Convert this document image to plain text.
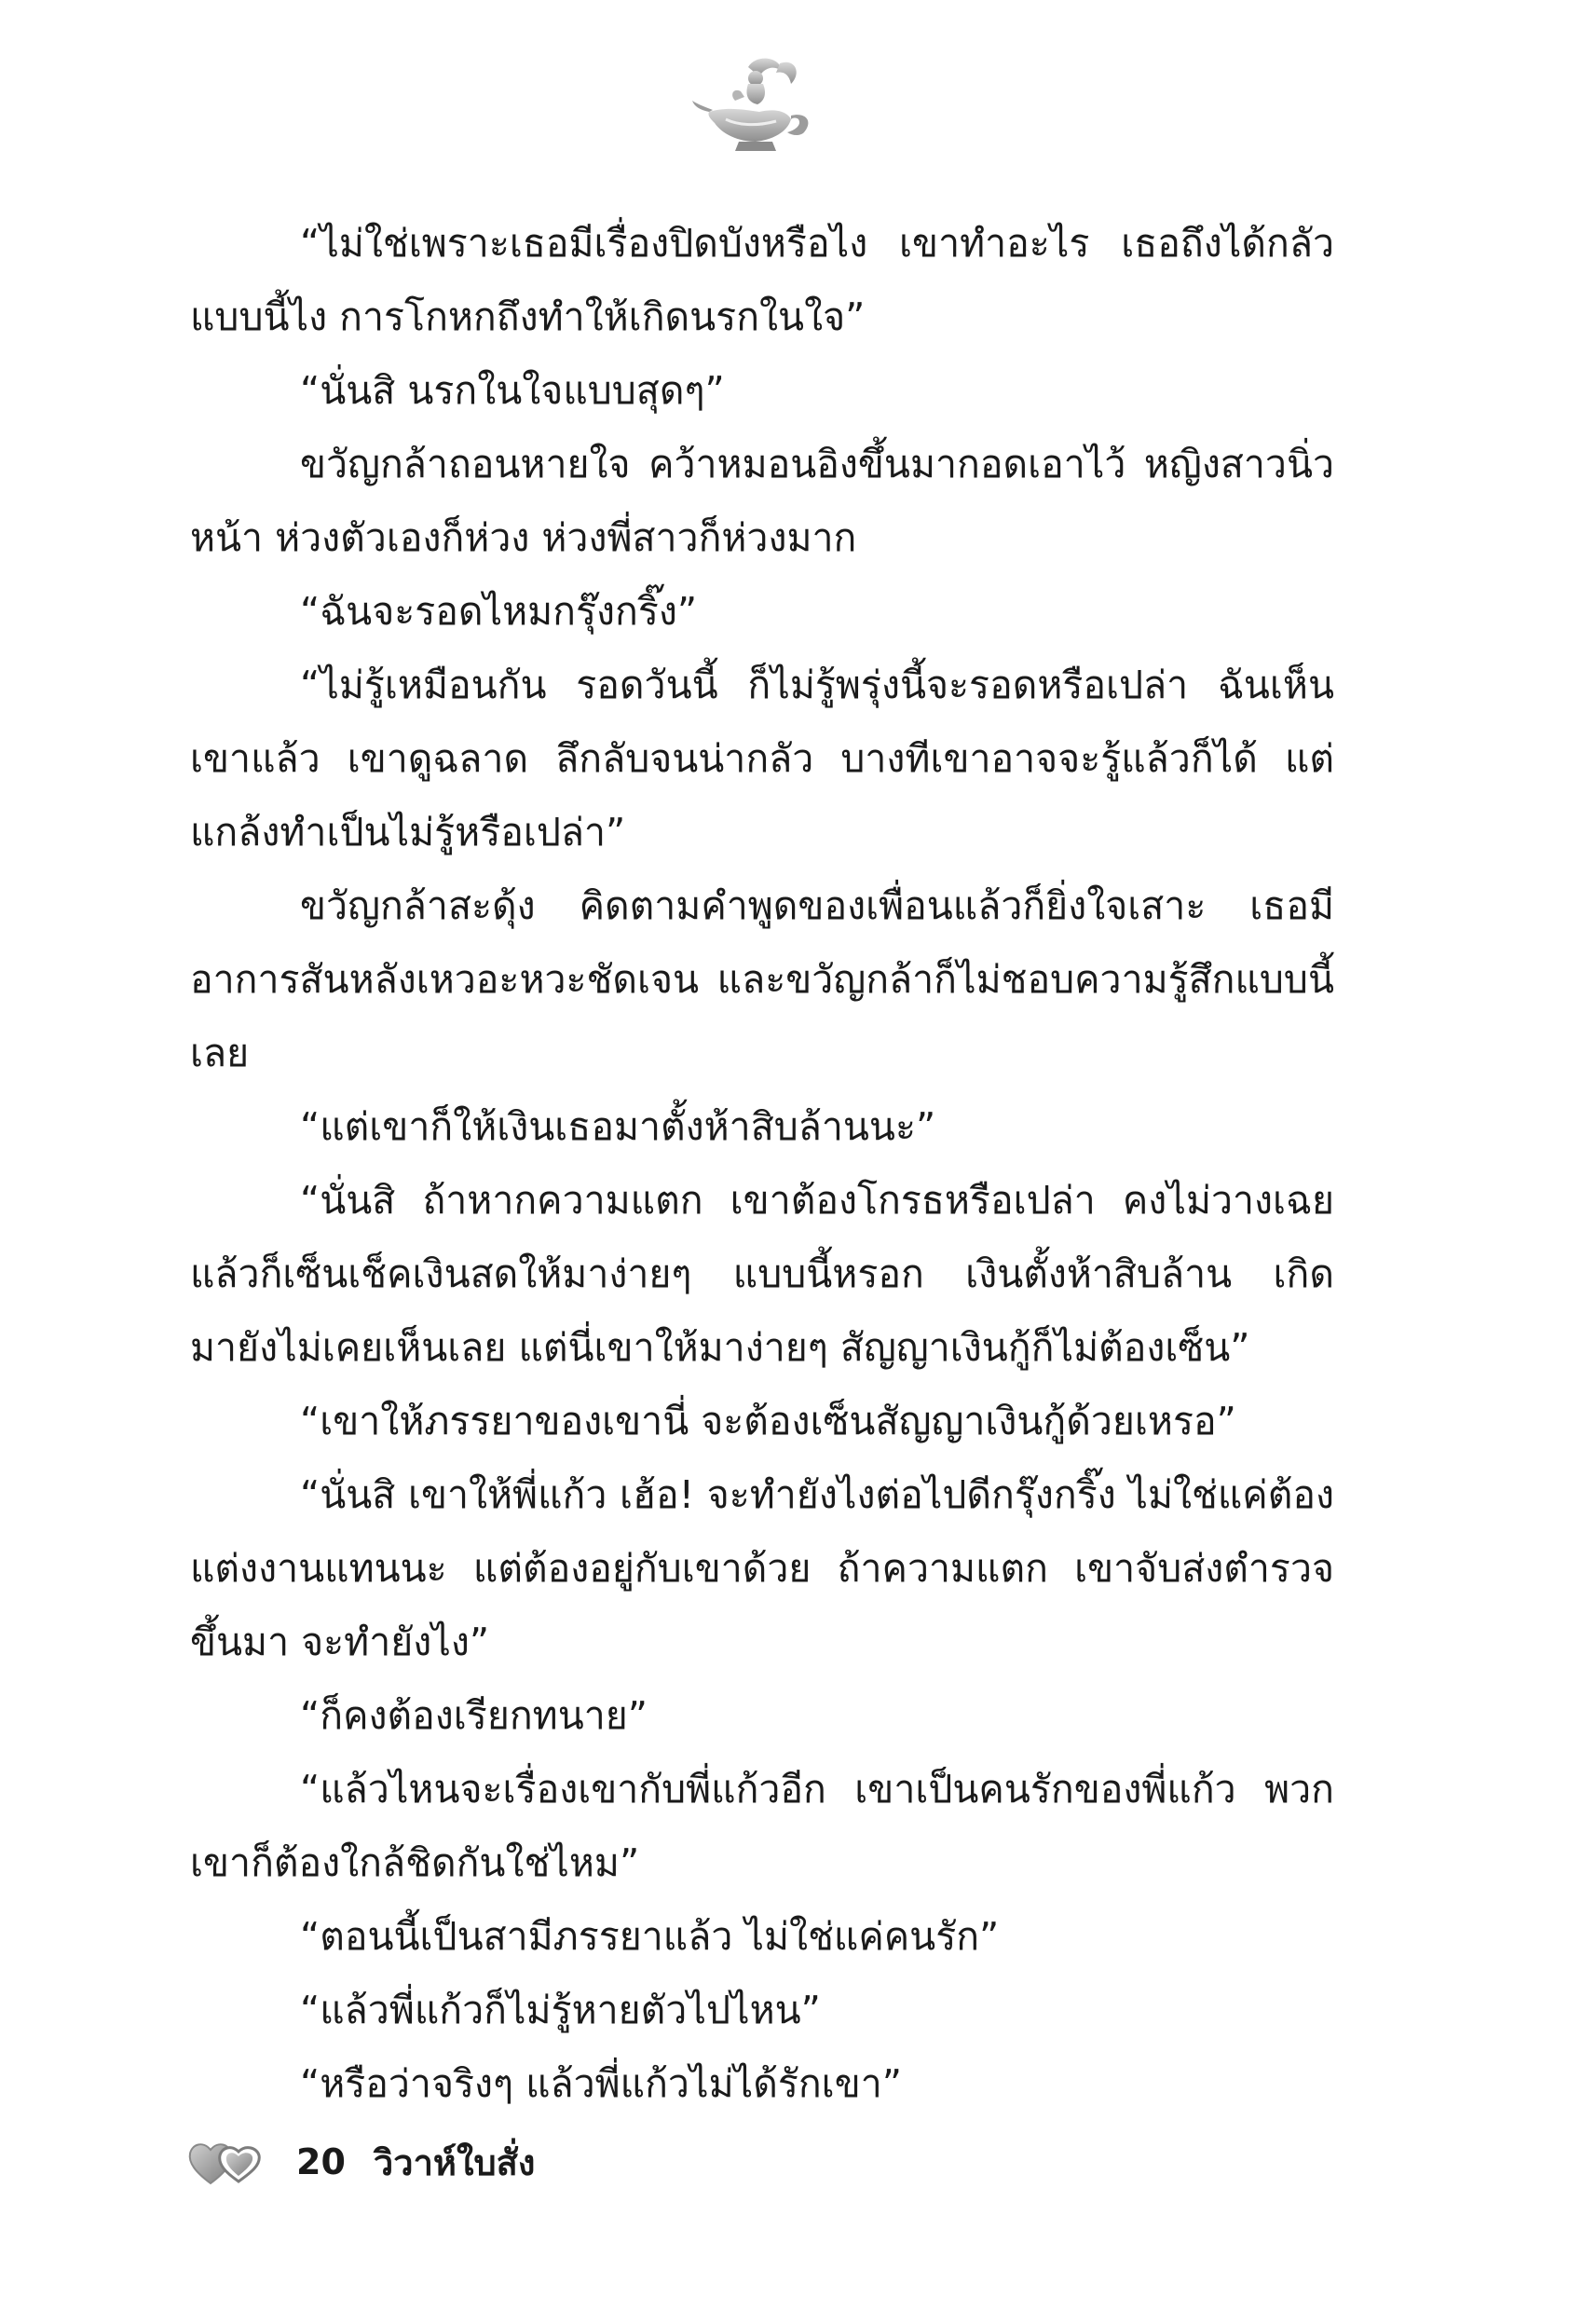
“ไม่ใช่เพราะเธอมีเรื่องปิดบังหรือไง เขาทำอะไร เธอถึงได้กลัวแบบนี้ไง การโกหกถึงทำให้เกิดนรกในใจ”

“นั่นสิ นรกในใจแบบสุดๆ”

ขวัญกล้าถอนหายใจ คว้าหมอนอิงขึ้นมากอดเอาไว้ หญิงสาวนิ่วหน้า ห่วงตัวเองก็ห่วง ห่วงพี่สาวก็ห่วงมาก

“ฉันจะรอดไหมกรุ๊งกริ๊ง”

“ไม่รู้เหมือนกัน รอดวันนี้ ก็ไม่รู้พรุ่งนี้จะรอดหรือเปล่า ฉันเห็นเขาแล้ว เขาดูฉลาด ลึกลับจนน่ากลัว บางทีเขาอาจจะรู้แล้วก็ได้ แต่แกล้งทำเป็นไม่รู้หรือเปล่า”

ขวัญกล้าสะดุ้ง คิดตามคำพูดของเพื่อนแล้วก็ยิ่งใจเสาะ เธอมีอาการสันหลังเหวอะหวะชัดเจน และขวัญกล้าก็ไม่ชอบความรู้สึกแบบนี้เลย

“แต่เขาก็ให้เงินเธอมาตั้งห้าสิบล้านนะ”

“นั่นสิ ถ้าหากความแตก เขาต้องโกรธหรือเปล่า คงไม่วางเฉยแล้วก็เซ็นเช็คเงินสดให้มาง่ายๆ แบบนี้หรอก เงินตั้งห้าสิบล้าน เกิดมายังไม่เคยเห็นเลย แต่นี่เขาให้มาง่ายๆ สัญญาเงินกู้ก็ไม่ต้องเซ็น”

“เขาให้ภรรยาของเขานี่ จะต้องเซ็นสัญญาเงินกู้ด้วยเหรอ”

“นั่นสิ เขาให้พี่แก้ว เฮ้อ! จะทำยังไงต่อไปดีกรุ๊งกริ๊ง ไม่ใช่แค่ต้องแต่งงานแทนนะ แต่ต้องอยู่กับเขาด้วย ถ้าความแตก เขาจับส่งตำรวจขึ้นมา จะทำยังไง”

“ก็คงต้องเรียกทนาย”

“แล้วไหนจะเรื่องเขากับพี่แก้วอีก เขาเป็นคนรักของพี่แก้ว พวกเขาก็ต้องใกล้ชิดกันใช่ไหม”

“ตอนนี้เป็นสามีภรรยาแล้ว ไม่ใช่แค่คนรัก”

“แล้วพี่แก้วก็ไม่รู้หายตัวไปไหน”

“หรือว่าจริงๆ แล้วพี่แก้วไม่ได้รักเขา”

20 วิวาห์ใบสั่ง
